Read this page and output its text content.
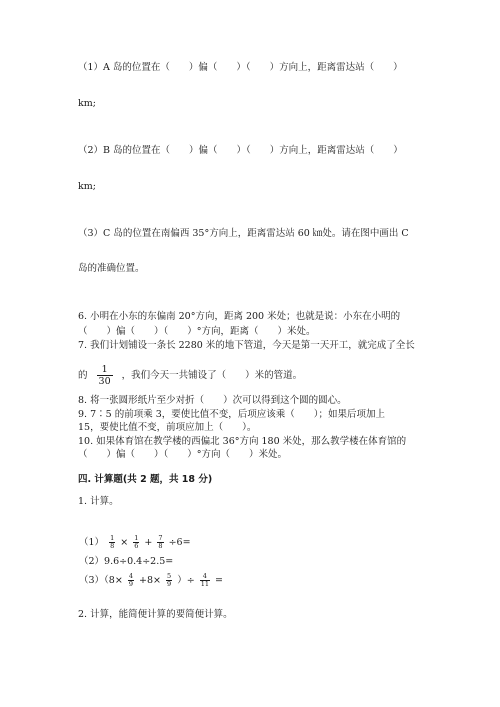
（1）A 岛的位置在（　　）偏（　　）（　　）方向上，距离雷达站（　　）
km;
（2）B 岛的位置在（　　）偏（　　）（　　）方向上，距离雷达站（　　）
km;
（3）C 岛的位置在南偏西 35°方向上，距离雷达站 60 ㎞处。请在图中画出 C
岛的准确位置。
6. 小明在小东的东偏南 20°方向，距离 200 米处；也就是说：小东在小明的
（　　）偏（　　）（　　）°方向，距离（　　）米处。
7. 我们计划铺设一条长 2280 米的地下管道，今天是第一天开工，就完成了全长
的 $\frac{1}{30}$ ，我们今天一共铺设了（　　）米的管道。
8. 将一张圆形纸片至少对折（　　）次可以得到这个圆的圆心。
9. 7∶5 的前项乘 3，要使比值不变，后项应该乘（　　）；如果后项加上
15，要使比值不变，前项应加上（　　）。
10. 如果体育馆在教学楼的西偏北 36°方向 180 米处，那么教学楼在体育馆的
（　　）偏（　　）（　　）°方向（　　）米处。
四. 计算题(共 2 题，共 18 分)
1. 计算。
$(1) \frac{1}{8} \times \frac{1}{6} + \frac{7}{8} \div 6=$
（2）9.6÷0.4÷2.5=
$(3)(8\times \frac{4}{9} +8\times \frac{5}{9}$ ）÷ $\frac{4}{11}$ =
2. 计算，能简便计算的要简便计算。
